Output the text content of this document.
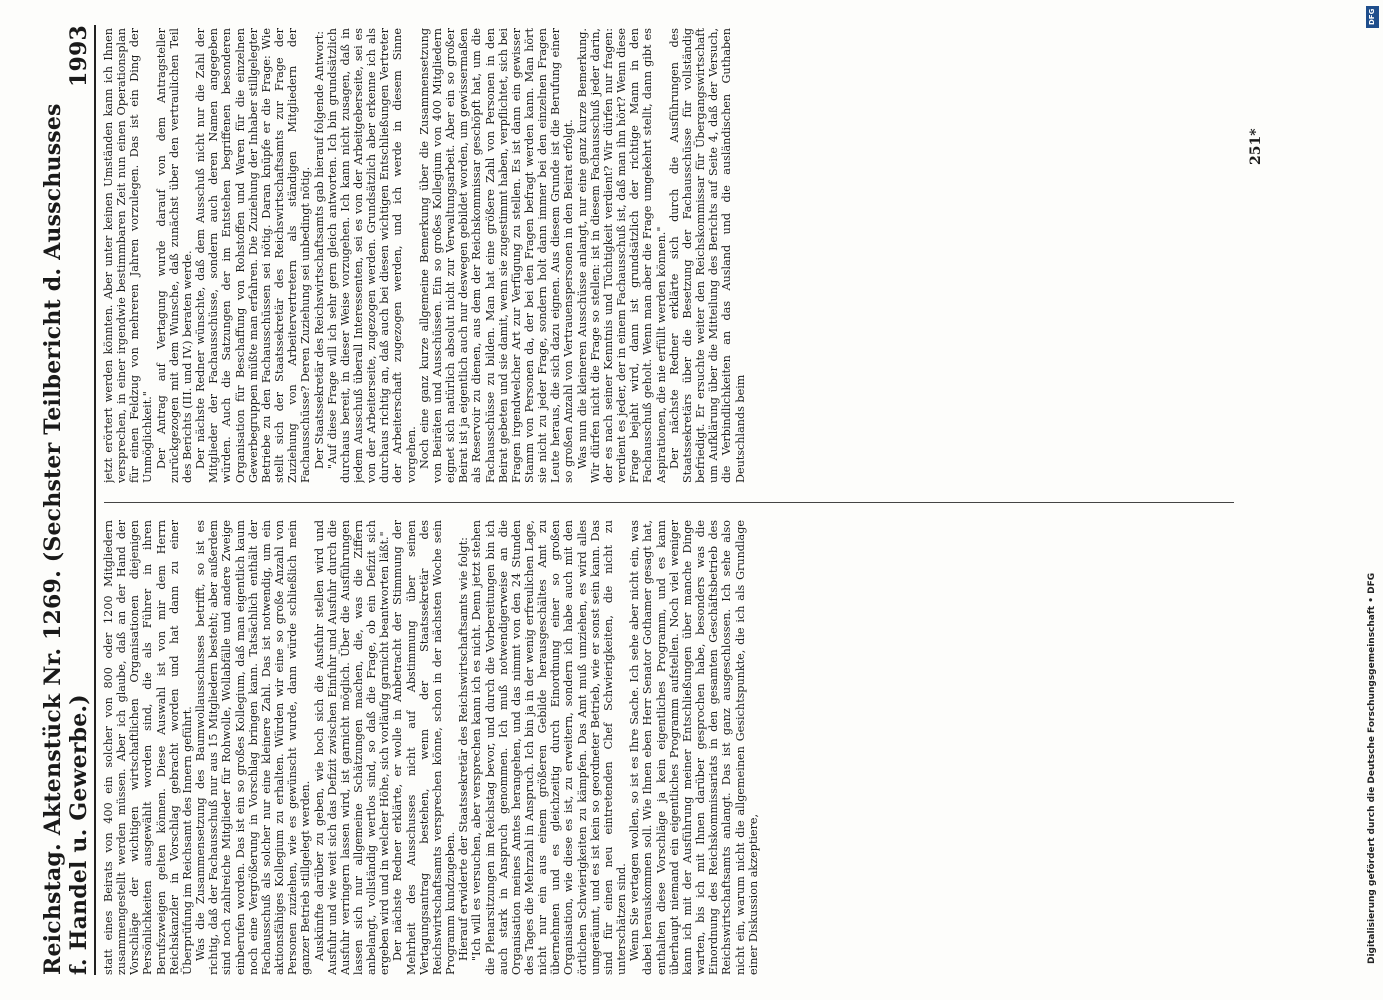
Reichstag. Aktenstück Nr. 1269. (Sechster Teilbericht d. Ausschusses f. Handel u. Gewerbe.)
1993

statt eines Beirats von 400 ein solcher von 800 oder 1200 Mitgliedern zusammengestellt werden müssen. Aber ich glaube, daß an der Hand der Vorschläge der wichtigen wirtschaftlichen Organisationen diejenigen Persönlichkeiten ausgewählt worden sind, die als Führer in ihren Berufszweigen gelten können. Diese Auswahl ist von mir dem Herrn Reichskanzler in Vorschlag gebracht worden und hat dann zu einer Überprüfung im Reichsamt des Innern geführt. Was die Zusammensetzung des Baumwollausschusses betrifft, so ist es richtig, daß der Fachausschuß nur aus 15 Mitgliedern besteht; aber außerdem sind noch zahlreiche Mitglieder für Rohwolle, Wollabfälle und andere Zweige einberufen worden. Das ist ein so großes Kollegium, daß man eigentlich kaum noch eine Vergrößerung in Vorschlag bringen kann. Tatsächlich enthält der Fachausschuß als solcher nur eine kleinere Zahl. Das ist notwendig, um ein aktionsfähiges Kollegium zu erhalten. Würden wir eine so große Anzahl von Personen zuziehen, wie es gewünscht wurde, dann würde schließlich mein ganzer Betrieb stillgelegt werden. Auskünfte darüber zu geben, wie hoch sich die Ausfuhr stellen wird und Ausfuhr und wie weit sich das Defizit zwischen Einfuhr und Ausfuhr durch die Ausfuhr verringern lassen wird, ist garnicht möglich. Über die Ausführungen lassen sich nur allgemeine Schätzungen machen, die, was die Ziffern anbelangt, vollständig wertlos sind, so daß die Frage, ob ein Defizit sich ergeben wird und in welcher Höhe, sich vorläufig garnicht beantworten läßt." Der nächste Redner erklärte, er wolle in Anbetracht der Stimmung der Mehrheit des Ausschusses nicht auf Abstimmung über seinen Vertagungsantrag bestehen, wenn der Staatssekretär des Reichswirtschaftsamts versprechen könne, schon in der nächsten Woche sein Programm kundzugeben. Hierauf erwiderte der Staatssekretär des Reichswirtschaftsamts wie folgt: "Ich will es versuchen, aber versprechen kann ich es nicht. Denn jetzt stehen die Plenarsitzungen im Reichstag bevor, und durch die Vorbereitungen bin ich auch stark in Anspruch genommen. Ich muß notwendigerweise an die Organisation meines Amtes herangehen, und das nimmt von den 24 Stunden des Tages die Mehrzahl in Anspruch. Ich bin ja in der wenig erfreulichen Lage, nicht nur ein aus einem größeren Gebilde herausgeschältes Amt zu übernehmen und es gleichzeitig durch Einordnung einer so großen Organisation, wie diese es ist, zu erweitern, sondern ich habe auch mit den örtlichen Schwierigkeiten zu kämpfen. Das Amt muß umziehen, es wird alles umgeräumt, und es ist kein so geordneter Betrieb, wie er sonst sein kann. Das sind für einen neu eintretenden Chef Schwierigkeiten, die nicht zu unterschätzen sind. Wenn Sie vertagen wollen, so ist es Ihre Sache. Ich sehe aber nicht ein, was dabei herauskommen soll. Wie Ihnen eben Herr Senator Gothamer gesagt hat, enthalten diese Vorschläge ja kein eigentliches Programm, und es kann überhaupt niemand ein eigentliches Programm aufstellen. Noch viel weniger kann ich mit der Ausführung meiner Entschließungen über manche Dinge warten, bis ich mit Ihnen darüber gesprochen habe, besonders was die Einordnung des Reichskommissariats in den gesamten Geschäftsbetrieb des Reichswirtschaftsamts anlangt. Das ist ganz ausgeschlossen. Ich sehe also nicht ein, warum nicht die allgemeinen Gesichtspunkte, die ich als Grundlage einer Diskussion akzeptiere,

jetzt erörtert werden könnten. Aber unter keinen Umständen kann ich Ihnen versprechen, in einer irgendwie bestimmbaren Zeit nun einen Operationsplan für einen Feldzug von mehreren Jahren vorzulegen. Das ist ein Ding der Unmöglichkeit." Der Antrag auf Vertagung wurde darauf von dem Antragsteller zurückgezogen mit dem Wunsche, daß zunächst über den vertraulichen Teil des Berichts (III. und IV.) beraten werde. Der nächste Redner wünschte, daß dem Ausschuß nicht nur die Zahl der Mitglieder der Fachausschüsse, sondern auch deren Namen angegeben würden. Auch die Satzungen der im Entstehen begriffenen besonderen Organisation für Beschaffung von Rohstoffen und Waren für die einzelnen Gewerbegruppen müßte man erfahren. Die Zuziehung der Inhaber stillgelegter Betriebe zu den Fachausschüssen sei nötig. Daran knüpfe er die Frage: Wie stellt sich der Staatssekretär des Reichswirtschaftsamts zur Frage der Zuziehung von Arbeitervertretern als ständigen Mitgliedern der Fachausschüsse? Deren Zuziehung sei unbedingt nötig. Der Staatssekretär des Reichswirtschaftsamts gab hierauf folgende Antwort: "Auf diese Frage will ich sehr gern gleich antworten. Ich bin grundsätzlich durchaus bereit, in dieser Weise vorzugehen. Ich kann nicht zusagen, daß in jedem Ausschuß überall Interessenten, sei es von der Arbeitgeberseite, sei es von der Arbeiterseite, zugezogen werden. Grundsätzlich aber erkenne ich als durchaus richtig an, daß auch bei diesen wichtigen Entschließungen Vertreter der Arbeiterschaft zugezogen werden, und ich werde in diesem Sinne vorgehen. Noch eine ganz kurze allgemeine Bemerkung über die Zusammensetzung von Beiräten und Ausschüssen. Ein so großes Kollegium von 400 Mitgliedern eignet sich natürlich absolut nicht zur Verwaltungsarbeit. Aber ein so großer Beirat ist ja eigentlich auch nur deswegen gebildet worden, um gewissermaßen als Reservoir zu dienen, aus dem der Reichskommissar geschöpft hat, um die Fachausschüsse zu bilden. Man hat eine größere Zahl von Personen in den Beirat gebeten und sie damit, wenn sie zugestimmt haben, verpflichtet, sich bei Fragen irgendwelcher Art zur Verfügung zu stellen. Es ist dann ein gewisser Stamm von Personen da, der bei den Fragen befragt werden kann. Man hört sie nicht zu jeder Frage, sondern holt dann immer bei den einzelnen Fragen Leute heraus, die sich dazu eignen. Aus diesem Grunde ist die Berufung einer so großen Anzahl von Vertrauenspersonen in den Beirat erfolgt. Was nun die kleineren Ausschüsse anlangt, nur eine ganz kurze Bemerkung. Wir dürfen nicht die Frage so stellen: ist in diesem Fachausschuß jeder darin, der es nach seiner Kenntnis und Tüchtigkeit verdient? Wir dürfen nur fragen: verdient es jeder, der in einem Fachausschuß ist, daß man ihn hört? Wenn diese Frage bejaht wird, dann ist grundsätzlich der richtige Mann in den Fachausschuß geholt. Wenn man aber die Frage umgekehrt stellt, dann gibt es Aspirationen, die nie erfüllt werden können." Der nächste Redner erklärte sich durch die Ausführungen des Staatssekretärs über die Besetzung der Fachausschüsse für vollständig befriedigt. Er ersuchte weiter den Reichskommissar für Übergangswirtschaft um Aufklärung über die Mitteilung des Berichts auf Seite 4, daß der Versuch, die Verbindlichkeiten an das Ausland und die ausländischen Guthaben Deutschlands beim

251*
DFG
Digitalisierung gefördert durch die Deutsche Forschungsgemeinschaft • DFG
